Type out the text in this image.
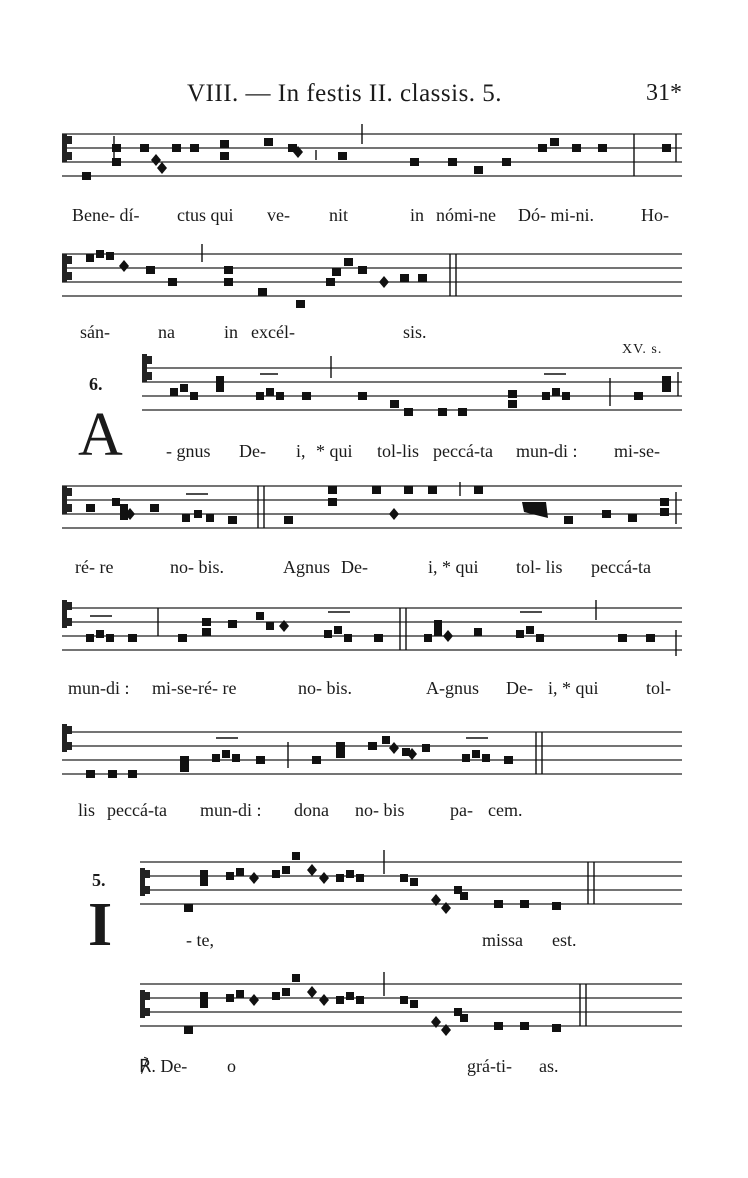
VIII. — In festis II. classis. 5.	31*
Bene- dí- ctus qui ve- nit	in nómi-ne Dó- mi-ni.	Ho-
sán-	na	in excél-	sis.
XV. s.
6.
A - gnus De- i, * qui tol-lis peccá-ta mun-di : mi-se-
ré- re	no- bis.	Agnus De-	i, * qui tol- lis peccá-ta
mun-di : mi-se-ré- re	no- bis.	A-gnus De- i, * qui	tol-
lis peccá-ta mun-di : dona no- bis	pa- cem.
5.
I	- te,	missa est.
℟. De- o	grá-ti- as.
